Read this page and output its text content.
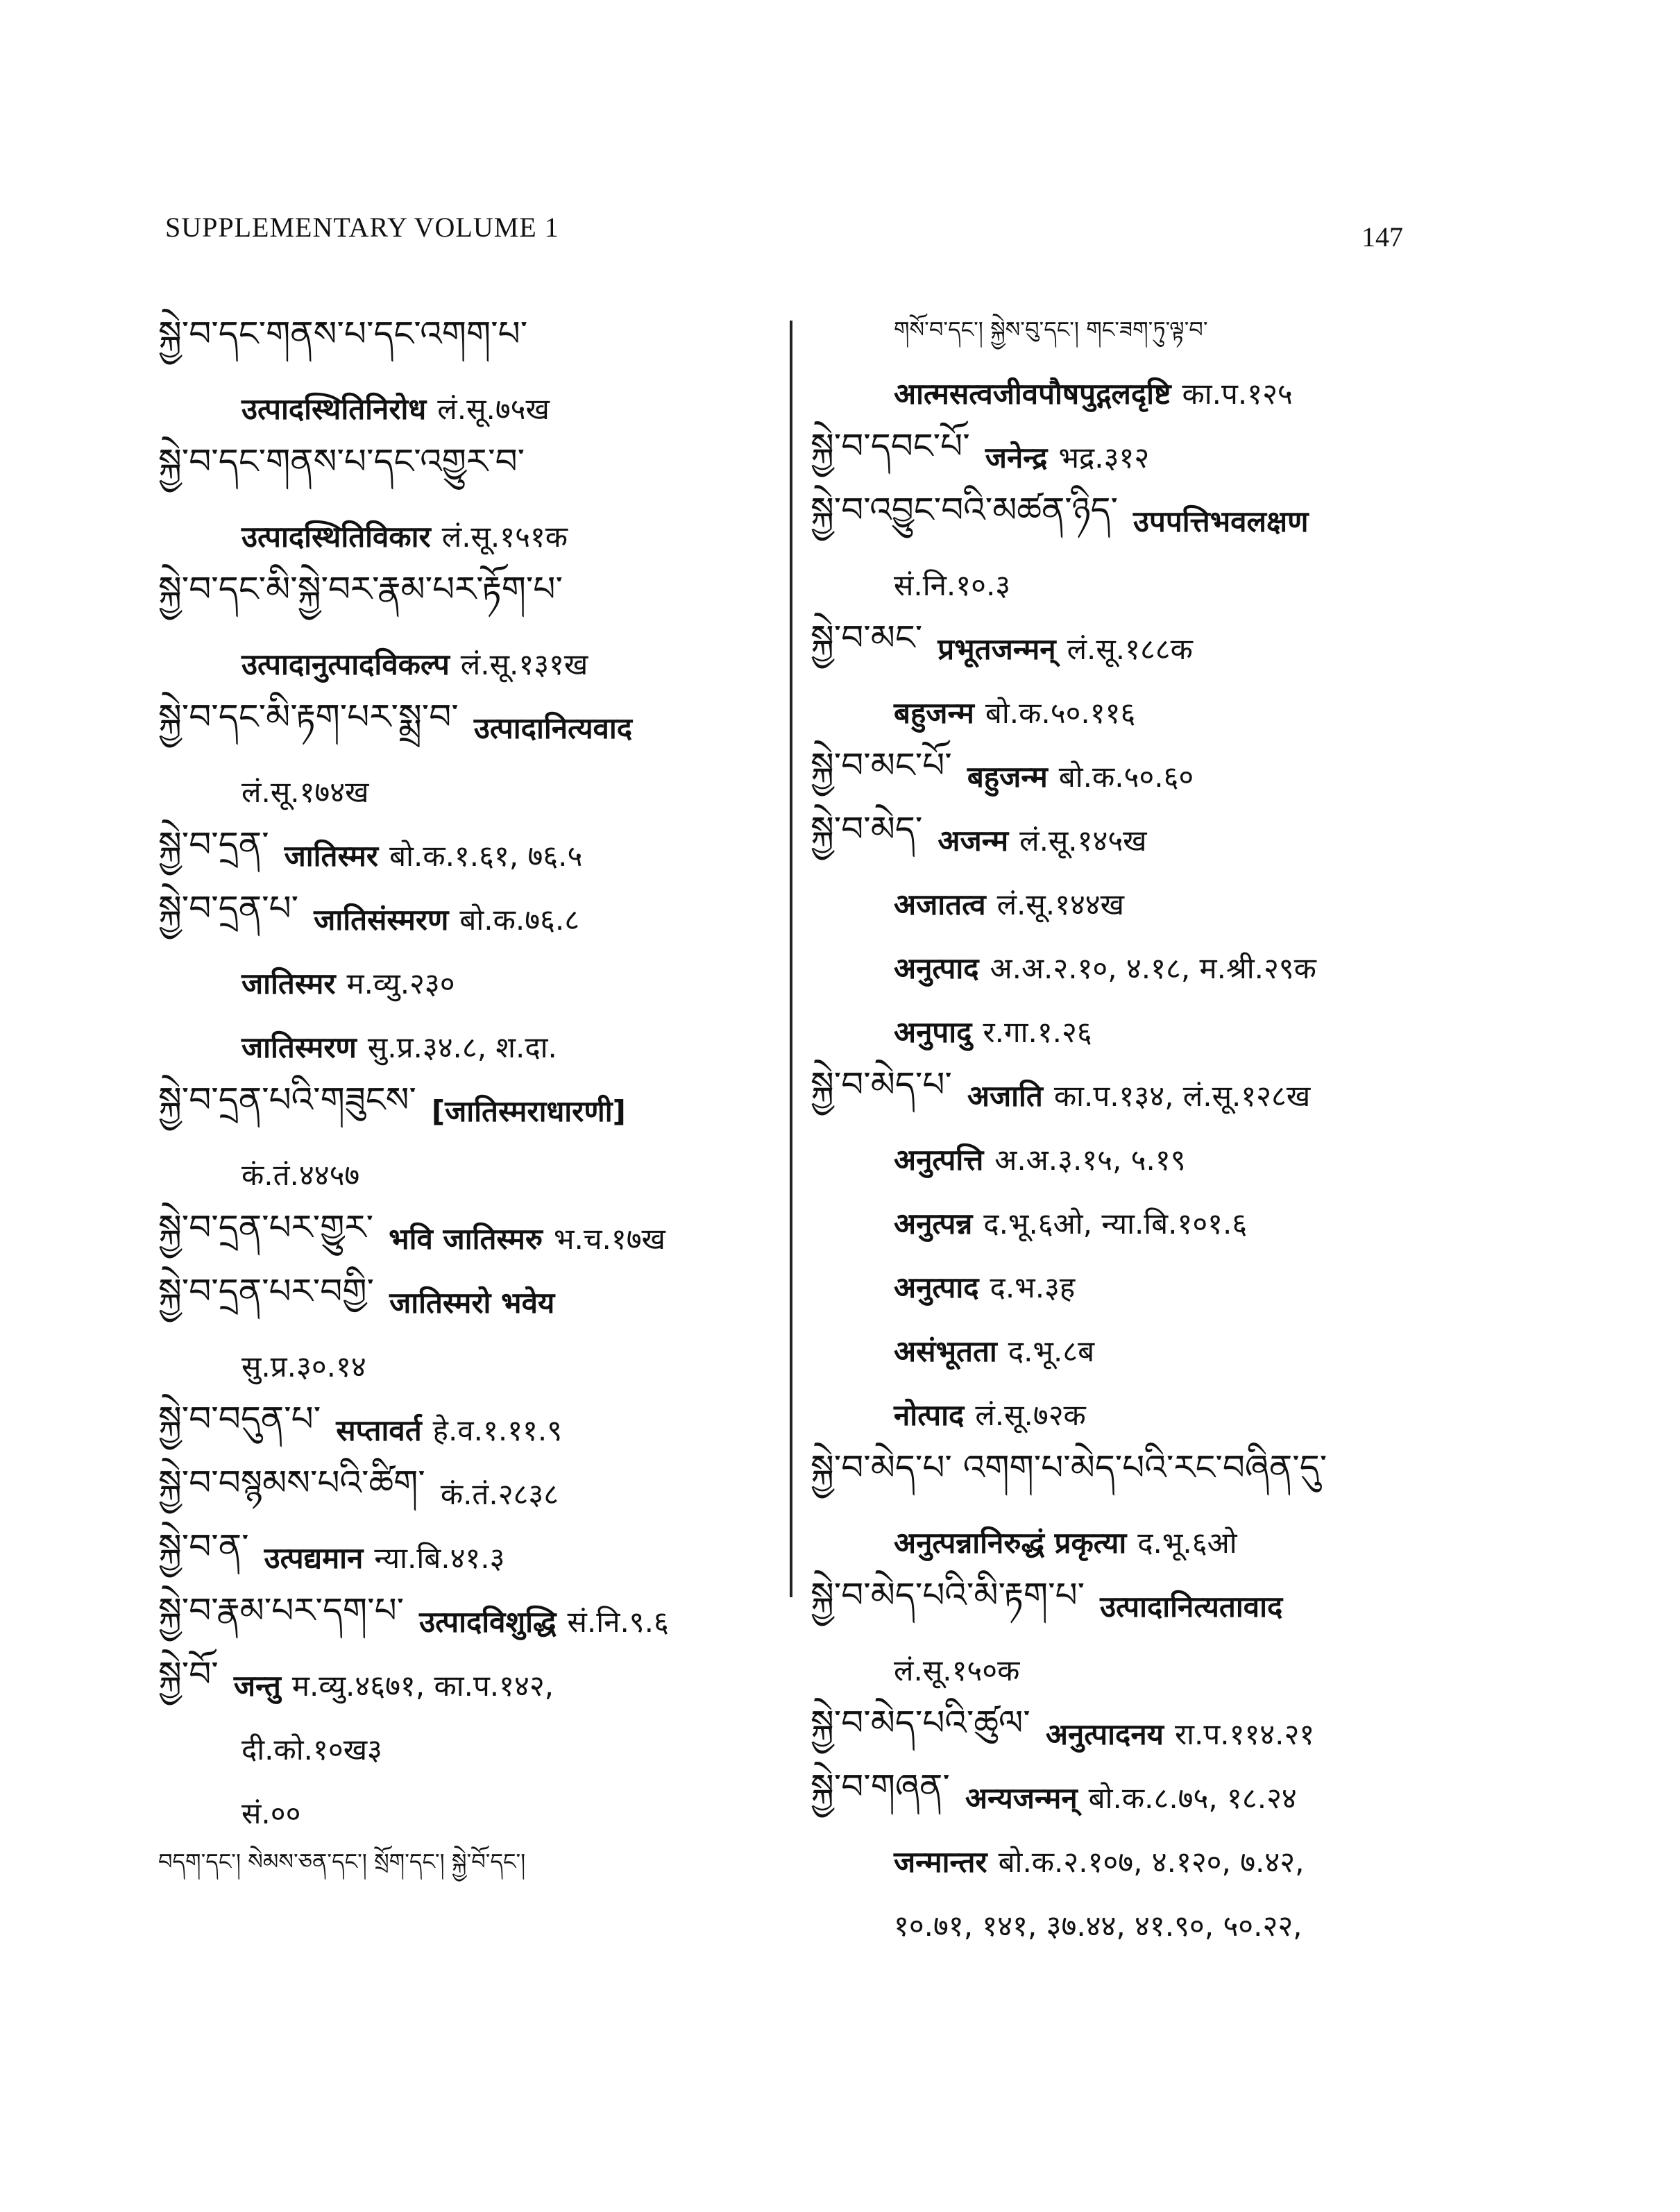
SUPPLEMENTARY VOLUME 1	147
སྐྱེ་བ་དང་གནས་པ་དང་འགག་པ་
उत्पादस्थितिनिरोध लं.सू.७५ख
སྐྱེ་བ་དང་གནས་པ་དང་འགྱུར་བ་
उत्पादस्थितिविकार लं.सू.१५१क
སྐྱེ་བ་དང་མི་སྐྱེ་བར་རྣམ་པར་རྟོག་པ་
उत्पादानुत्पादविकल्प लं.सू.१३१ख
སྐྱེ་བ་དང་མི་རྟག་པར་སྨྲ་བ་ उत्पादानित्यवाद
लं.सू.१७४ख
སྐྱེ་བ་དྲན་ जातिस्मर बो.क.१.६१, ७६.५
སྐྱེ་བ་དྲན་པ་ जातिसंस्मरण बो.क.७६.८
जातिस्मर म.व्यु.२३०
जातिस्मरण सु.प्र.३४.८, श.दा.
སྐྱེ་བ་དྲན་པའི་གཟུངས་ [जातिस्मराधारणी]
कं.तं.४४५७
སྐྱེ་བ་དྲན་པར་གྱུར་ भवि जातिस्मरु भ.च.१७ख
སྐྱེ་བ་དྲན་པར་བགྱི་ जातिस्मरो भवेय
सु.प्र.३०.१४
སྐྱེ་བ་བདུན་པ་ सप्तावर्त हे.व.१.११.९
སྐྱེ་བ་བསྙམས་པའི་ཚིག་ कं.तं.२८३८
སྐྱེ་བ་ན་ उत्पद्यमान न्या.बि.४१.३
སྐྱེ་བ་རྣམ་པར་དག་པ་ उत्पादविशुद्धि सं.नि.९.६
སྐྱེ་བོ་ जन्तु म.व्यु.४६७१, का.प.१४२,
दी.को.१०ख३
सं.००
བདག་དང་། སེམས་ཅན་དང་། སྲོག་དང་། སྐྱེ་བོ་དང་།
གསོ་བ་དང་། སྐྱེས་བུ་དང་། གང་ཟག་ཏུ་ལྟ་བ་
आत्मसत्वजीवपौषपुद्गलदृष्टि का.प.१२५
སྐྱེ་བ་དབང་པོ་ जनेन्द्र भद्र.३१२
སྐྱེ་བ་འབྱུང་བའི་མཚན་ཉིད་ उपपत्तिभवलक्षण
सं.नि.१०.३
སྐྱེ་བ་མང་ प्रभूतजन्मन् लं.सू.१८८क
बहुजन्म बो.क.५०.११६
སྐྱེ་བ་མང་པོ་ बहुजन्म बो.क.५०.६०
སྐྱེ་བ་མེད་ अजन्म लं.सू.१४५ख
अजातत्व लं.सू.१४४ख
अनुत्पाद अ.अ.२.१०, ४.१८, म.श्री.२९क
अनुपादु र.गा.१.२६
སྐྱེ་བ་མེད་པ་ अजाति का.प.१३४, लं.सू.१२८ख
अनुत्पत्ति अ.अ.३.१५, ५.१९
अनुत्पन्न द.भू.६ओ, न्या.बि.१०१.६
अनुत्पाद द.भ.३ह
असंभूतता द.भू.८ब
नोत्पाद लं.सू.७२क
སྐྱེ་བ་མེད་པ་ འགག་པ་མེད་པའི་རང་བཞིན་དུ་
अनुत्पन्नानिरुद्धं प्रकृत्या द.भू.६ओ
སྐྱེ་བ་མེད་པའི་མི་རྟག་པ་ उत्पादानित्यतावाद
लं.सू.१५०क
སྐྱེ་བ་མེད་པའི་ཚུལ་ अनुत्पादनय रा.प.११४.२१
སྐྱེ་བ་གཞན་ अन्यजन्मन् बो.क.८.७५, १८.२४
जन्मान्तर बो.क.२.१०७, ४.१२०, ७.४२,
१०.७१, १४१, ३७.४४, ४१.९०, ५०.२२,
